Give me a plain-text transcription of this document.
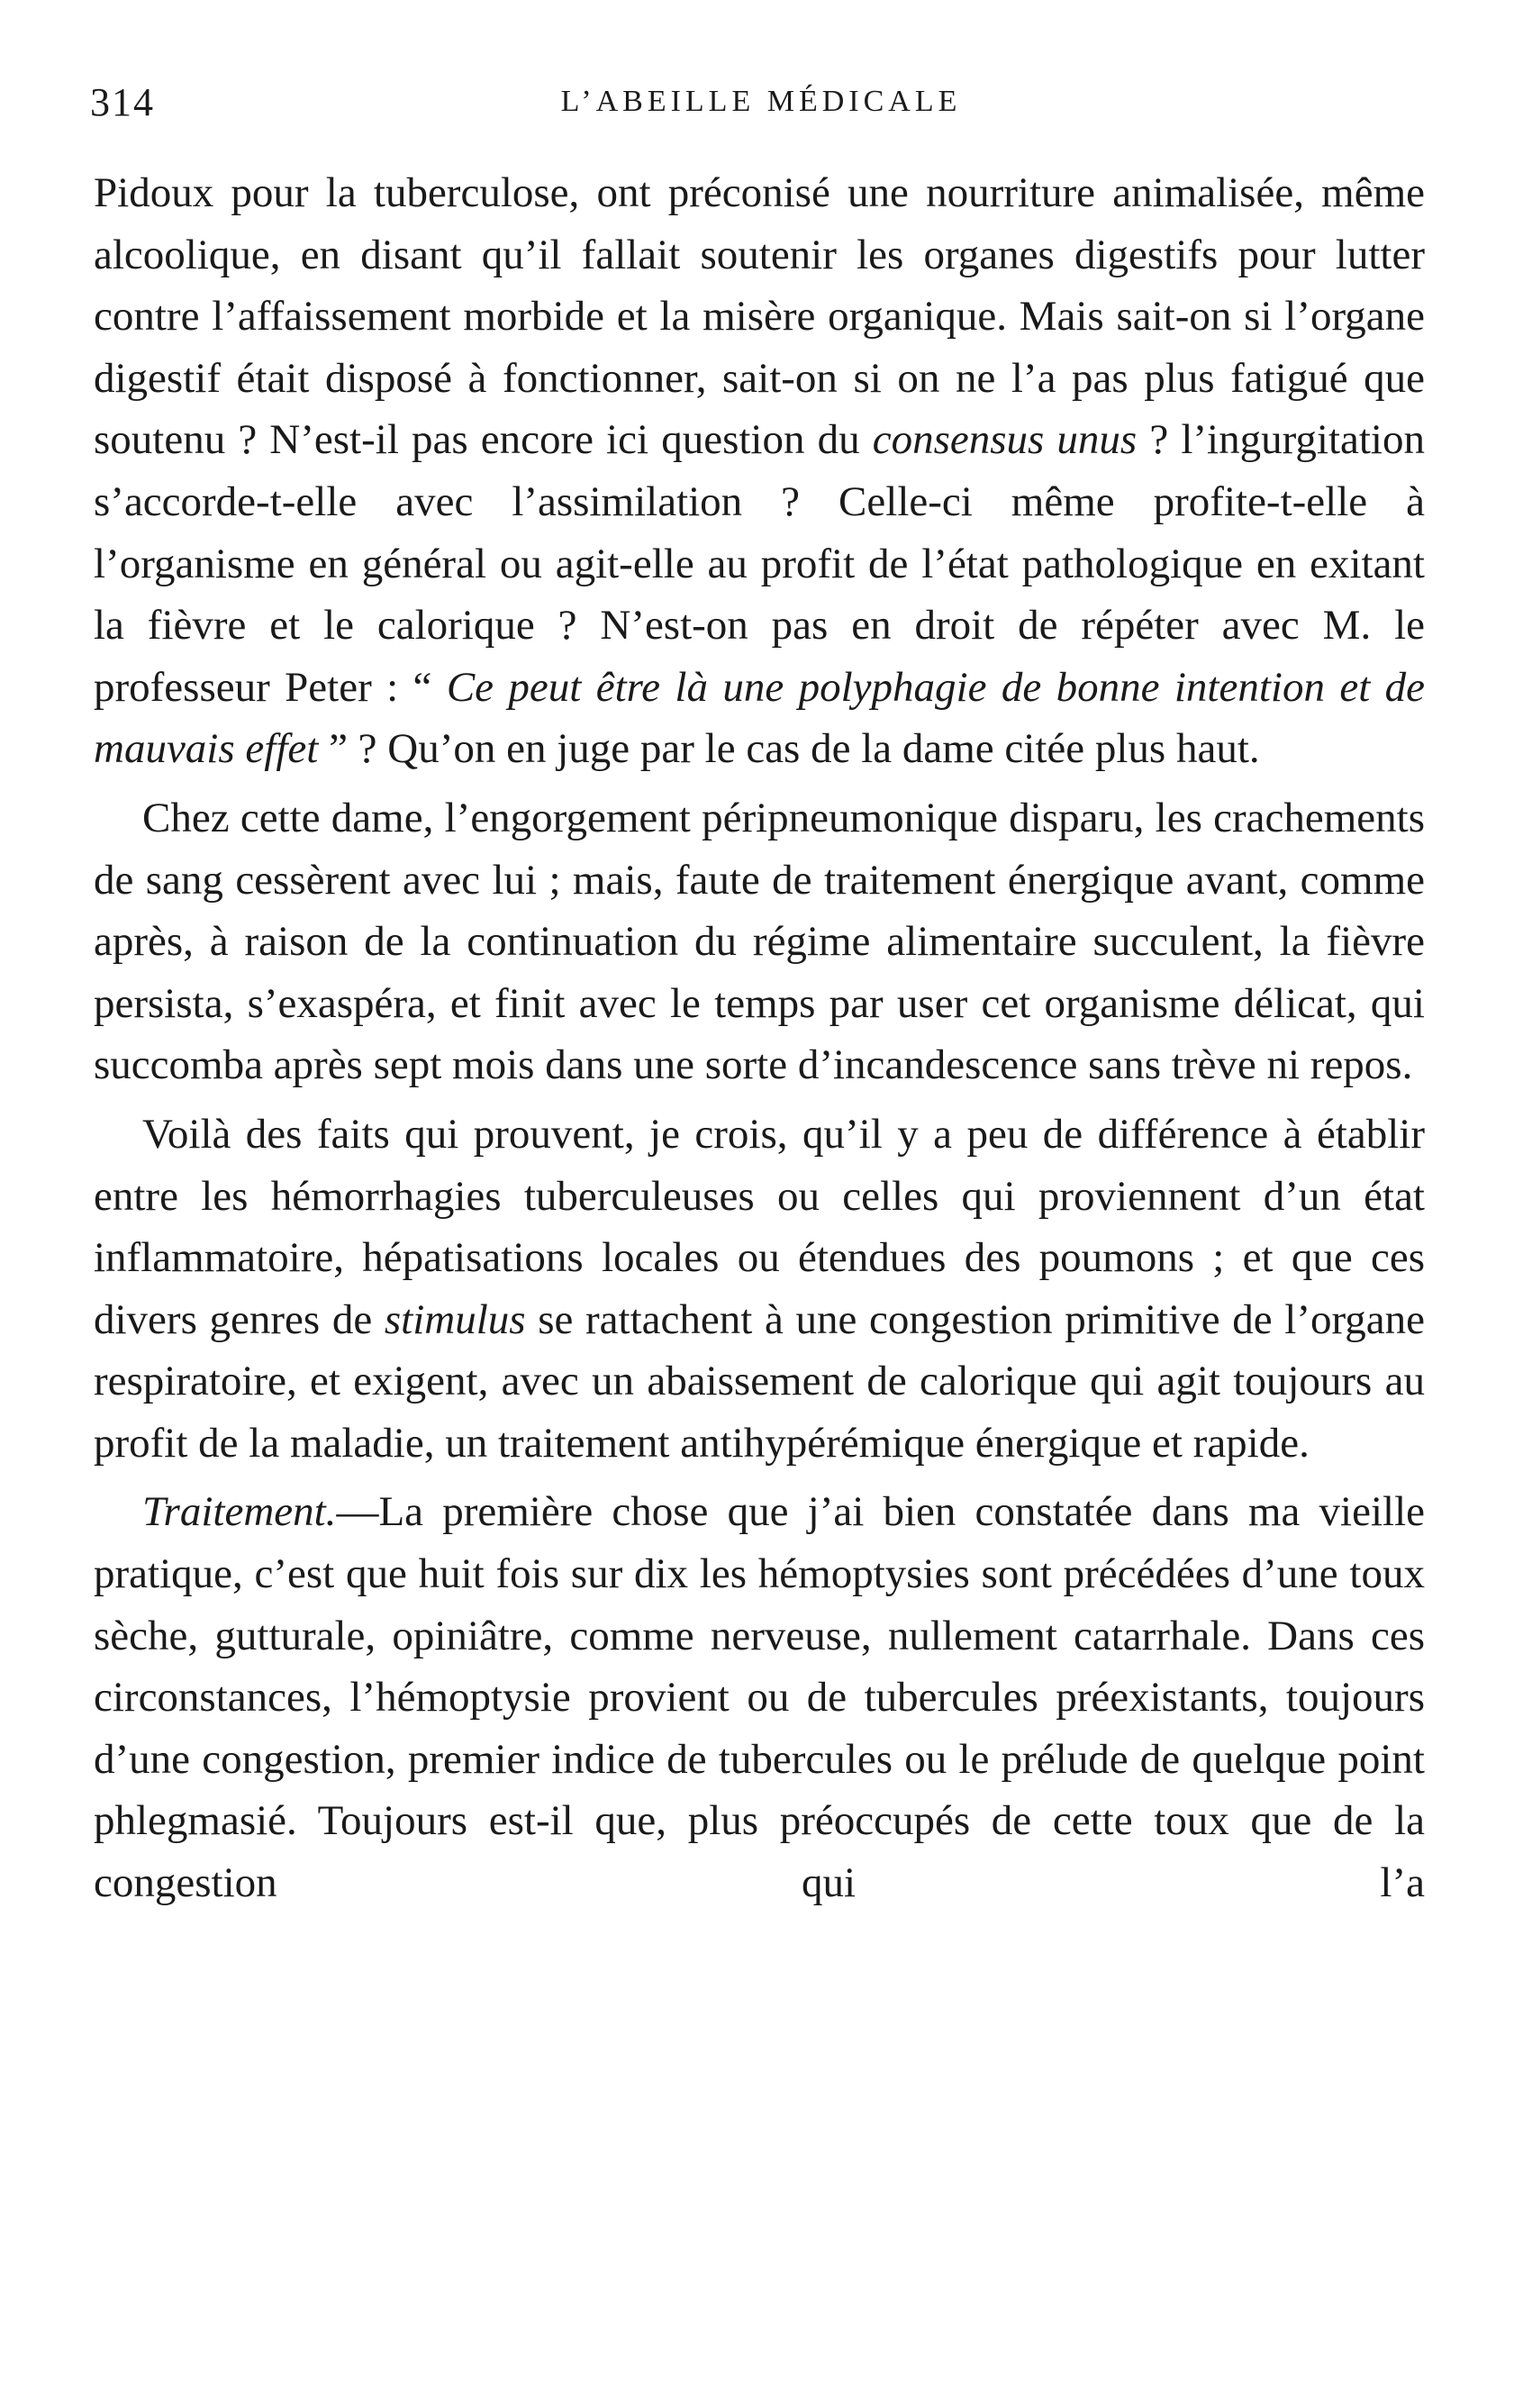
314	L’ABEILLE MÉDICALE

Pidoux pour la tuberculose, ont préconisé une nourriture animalisée, même alcoolique, en disant qu’il fallait soutenir les organes digestifs pour lutter contre l’affaissement morbide et la misère organique. Mais sait-on si l’organe digestif était disposé à fonctionner, sait-on si on ne l’a pas plus fatigué que soutenu ? N’est-il pas encore ici question du consensus unus ? l’ingurgitation s’accorde-t-elle avec l’assimilation ? Celle-ci même profite-t-elle à l’organisme en général ou agit-elle au profit de l’état pathologique en exitant la fièvre et le calorique ? N’est-on pas en droit de répéter avec M. le professeur Peter : “ Ce peut être là une polyphagie de bonne intention et de mauvais effet ” ? Qu’on en juge par le cas de la dame citée plus haut.

Chez cette dame, l’engorgement péripneumonique disparu, les crachements de sang cessèrent avec lui ; mais, faute de traitement énergique avant, comme après, à raison de la continuation du régime alimentaire succulent, la fièvre persista, s’exaspéra, et finit avec le temps par user cet organisme délicat, qui succomba après sept mois dans une sorte d’incandescence sans trève ni repos.

Voilà des faits qui prouvent, je crois, qu’il y a peu de différence à établir entre les hémorrhagies tuberculeuses ou celles qui proviennent d’un état inflammatoire, hépatisations locales ou étendues des poumons ; et que ces divers genres de stimulus se rattachent à une congestion primitive de l’organe respiratoire, et exigent, avec un abaissement de calorique qui agit toujours au profit de la maladie, un traitement antihypérémique énergique et rapide.

Traitement.—La première chose que j’ai bien constatée dans ma vieille pratique, c’est que huit fois sur dix les hémoptysies sont précédées d’une toux sèche, gutturale, opiniâtre, comme nerveuse, nullement catarrhale. Dans ces circonstances, l’hémoptysie provient ou de tubercules préexistants, toujours d’une congestion, premier indice de tubercules ou le prélude de quelque point phlegmasié. Toujours est-il que, plus préoccupés de cette toux que de la congestion qui l’a
